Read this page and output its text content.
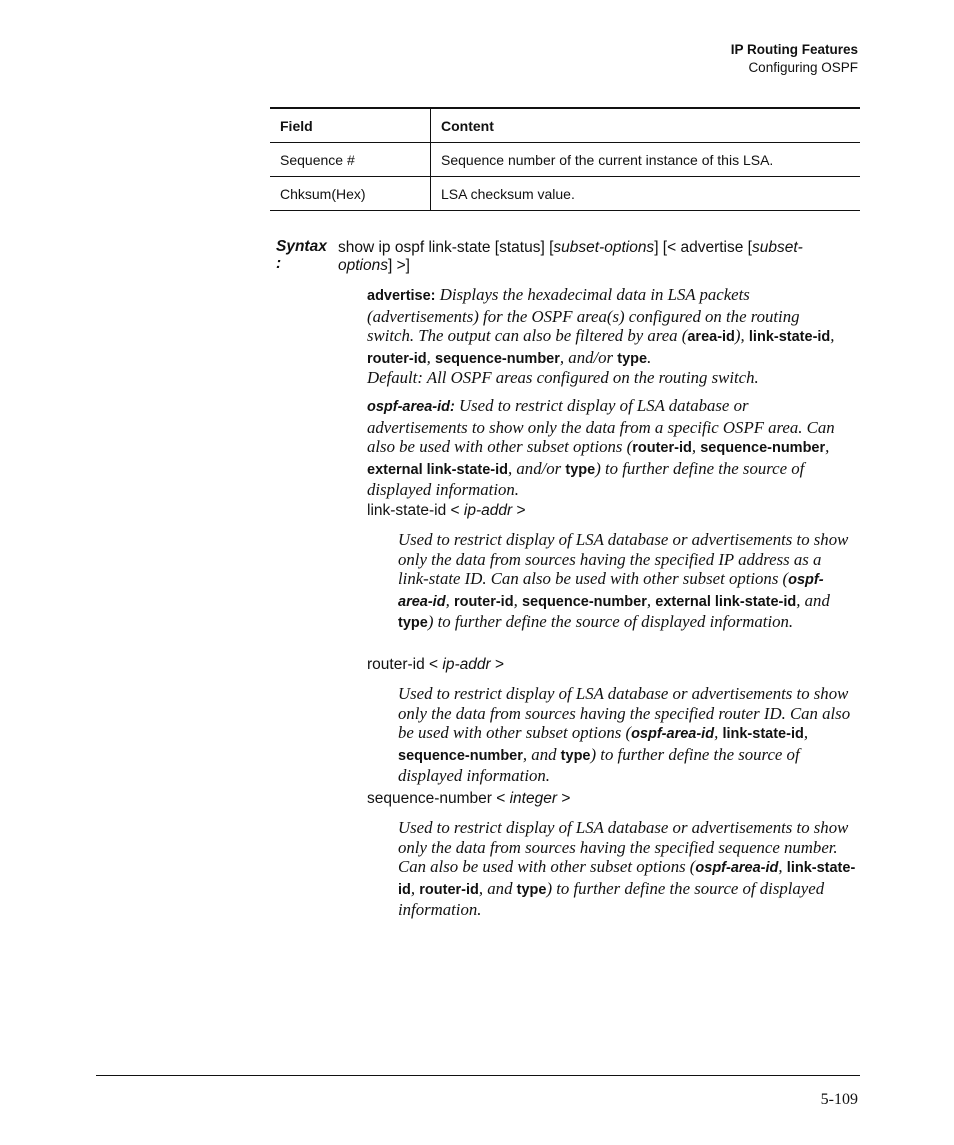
IP Routing Features
Configuring OSPF
Field	Content
Sequence #	Sequence number of the current instance of this LSA.
Chksum(Hex)	LSA checksum value.
Syntax
:
show ip ospf link-state [status] [subset-options] [< advertise [subset-options] >]
advertise: Displays the hexadecimal data in LSA packets (advertisements) for the OSPF area(s) configured on the routing switch. The output can also be filtered by area (area-id), link-state-id, router-id, sequence-number, and/or type.
Default: All OSPF areas configured on the routing switch.
ospf-area-id: Used to restrict display of LSA database or advertisements to show only the data from a specific OSPF area. Can also be used with other subset options (router-id, sequence-number, external link-state-id, and/or type) to further define the source of displayed information.
link-state-id < ip-addr >
Used to restrict display of LSA database or advertisements to show only the data from sources having the specified IP address as a link-state ID. Can also be used with other subset options (ospf-area-id, router-id, sequence-number, external link-state-id, and type) to further define the source of displayed information.
router-id < ip-addr >
Used to restrict display of LSA database or advertisements to show only the data from sources having the specified router ID. Can also be used with other subset options (ospf-area-id, link-state-id, sequence-number, and type) to further define the source of displayed information.
sequence-number < integer >
Used to restrict display of LSA database or advertisements to show only the data from sources having the specified sequence number. Can also be used with other subset options (ospf-area-id, link-state-id, router-id, and type) to further define the source of displayed information.
5-109
